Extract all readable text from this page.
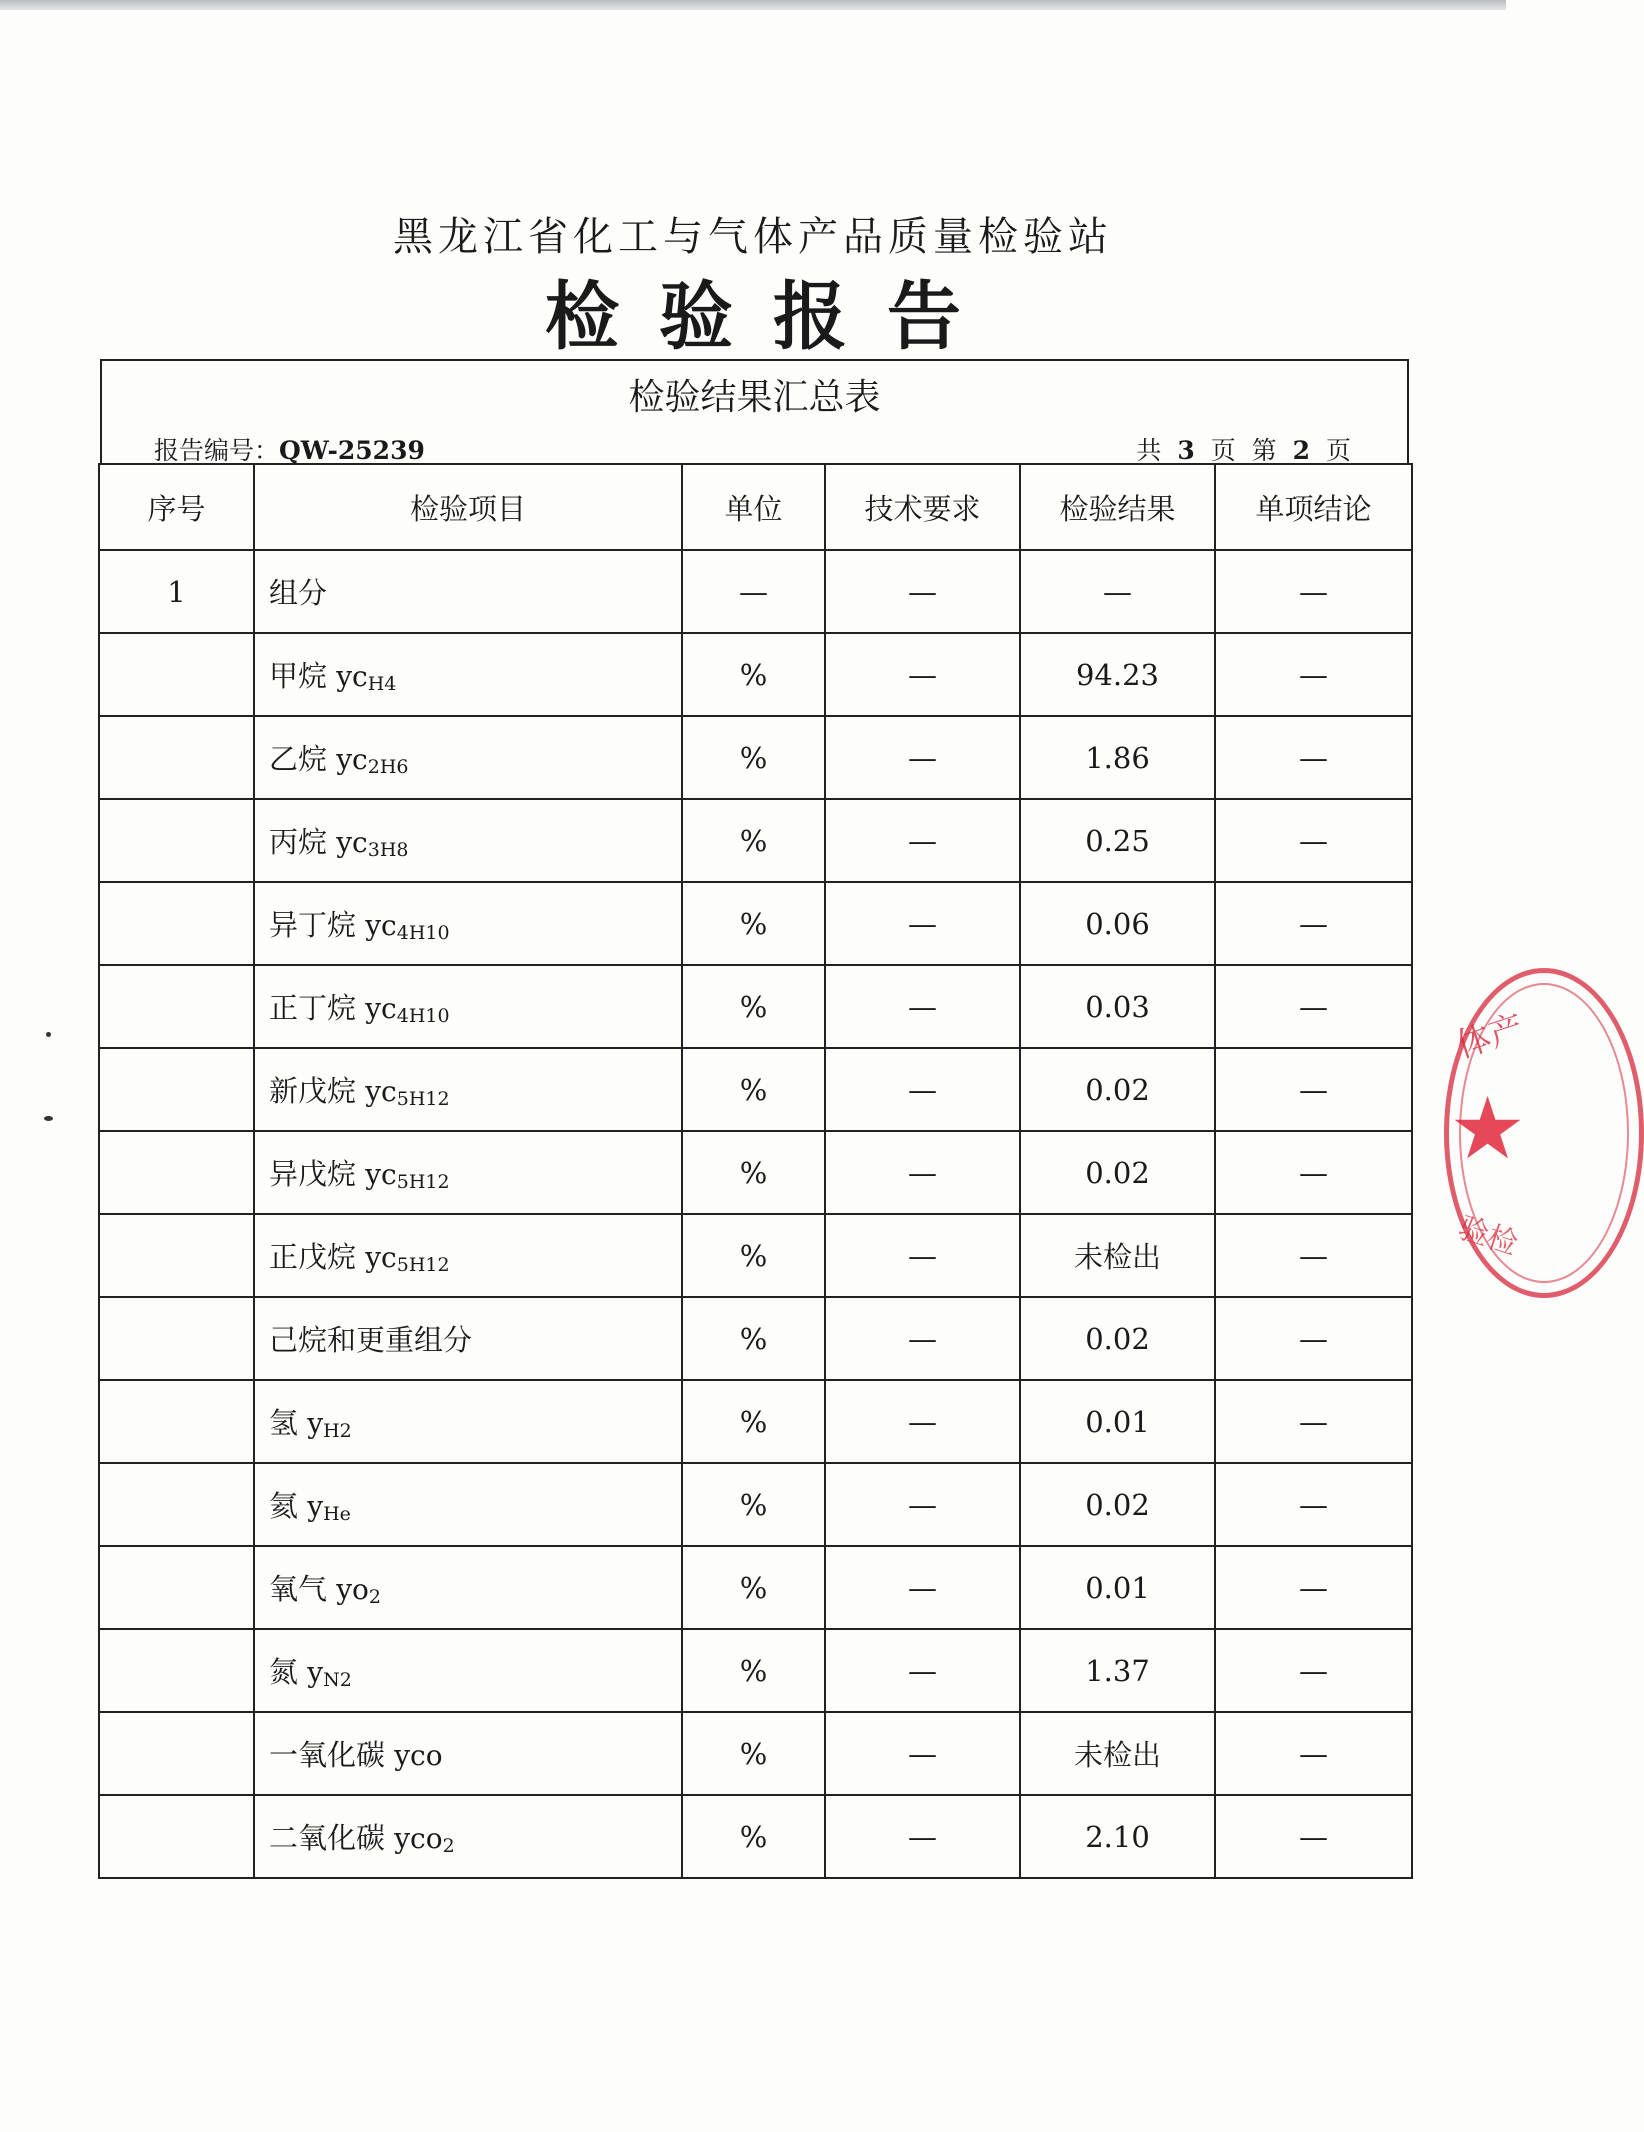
黑龙江省化工与气体产品质量检验站
检验报告
检验结果汇总表
报告编号：QW-25239	共 3 页 第 2 页
序号	检验项目	单位	技术要求	检验结果	单项结论
1	组分	—	—	—	—
	甲烷 $yc_{H4}$	%	—	94.23	—
	乙烷 $yc_{2H6}$	%	—	1.86	—
	丙烷 $yc_{3H8}$	%	—	0.25	—
	异丁烷 $yc_{4H10}$	%	—	0.06	—
	正丁烷 $yc_{4H10}$	%	—	0.03	—
	新戊烷 $yc_{5H12}$	%	—	0.02	—
	异戊烷 $yc_{5H12}$	%	—	0.02	—
	正戊烷 $yc_{5H12}$	%	—	未检出	—
	己烷和更重组分	%	—	0.02	—
	氢 $y_{H2}$	%	—	0.01	—
	氦 $y_{He}$	%	—	0.02	—
	氧气 $yo_2$	%	—	0.01	—
	氮 $y_{N2}$	%	—	1.37	—
	一氧化碳 yco	%	—	未检出	—
	二氧化碳 yco$_2$	%	—	2.10	—
体产
★
验检
